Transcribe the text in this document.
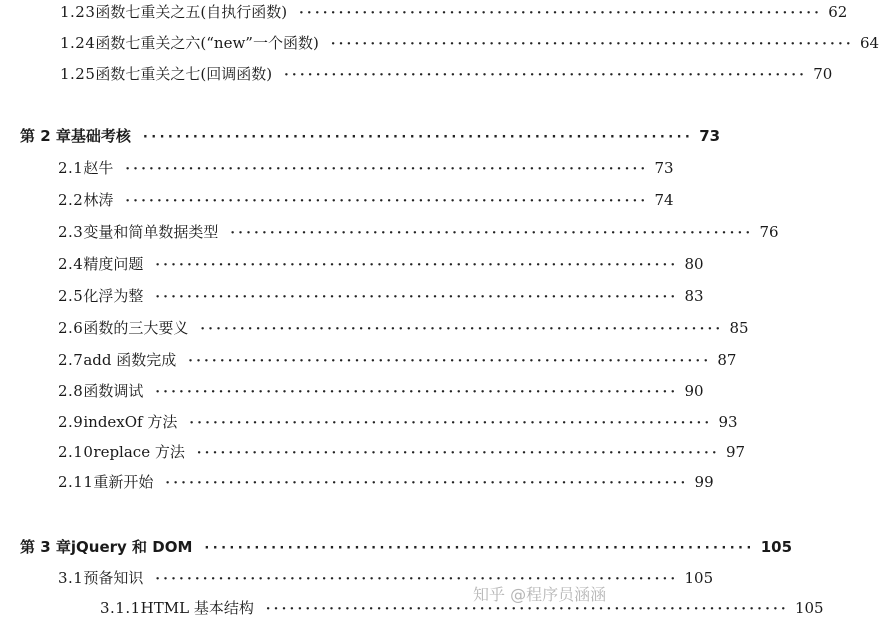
1.23 函数七重关之五(自执行函数) ·································································· 62
1.24 函数七重关之六(“new”一个函数) ·································································· 64
1.25 函数七重关之七(回调函数) ·································································· 70
第 2 章 基础考核 ·································································· 73
2.1 赵牛 ·································································· 73
2.2 林涛 ·································································· 74
2.3 变量和简单数据类型 ·································································· 76
2.4 精度问题 ·································································· 80
2.5 化浮为整 ·································································· 83
2.6 函数的三大要义 ·································································· 85
2.7 add 函数完成 ·································································· 87
2.8 函数调试 ·································································· 90
2.9 indexOf 方法 ·································································· 93
2.10 replace 方法 ·································································· 97
2.11 重新开始 ·································································· 99
第 3 章 jQuery 和 DOM ·································································· 105
3.1 预备知识 ·································································· 105
3.1.1 HTML 基本结构 ·································································· 105
知乎 @程序员涵涵
